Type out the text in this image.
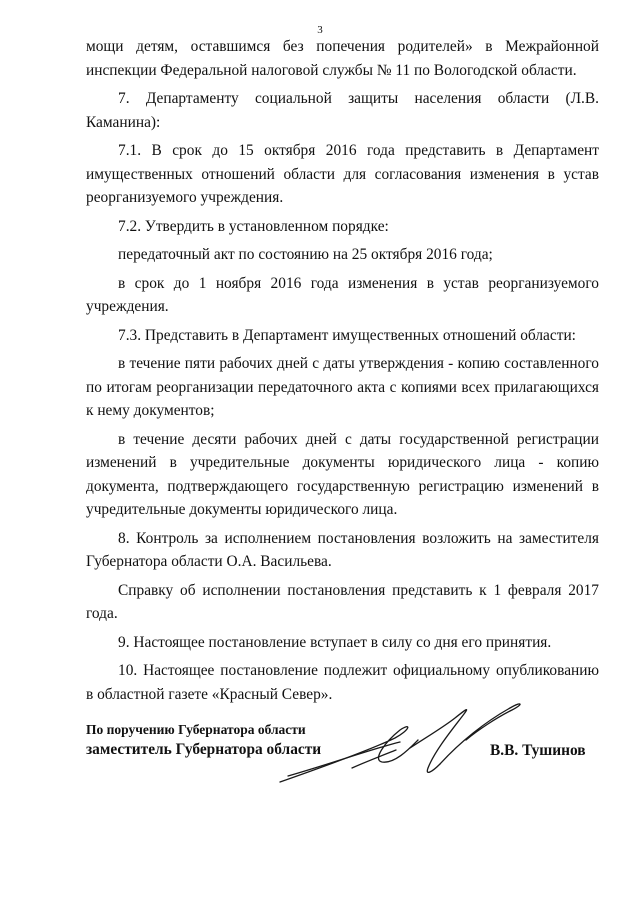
3

мощи детям, оставшимся без попечения родителей» в Межрайонной инспекции Федеральной налоговой службы № 11 по Вологодской области.

7. Департаменту социальной защиты населения области (Л.В. Каманина):

7.1. В срок до 15 октября 2016 года представить в Департамент имущественных отношений области для согласования изменения в устав реорганизуемого учреждения.

7.2. Утвердить в установленном порядке:

передаточный акт по состоянию на 25 октября 2016 года;

в срок до 1 ноября 2016 года изменения в устав реорганизуемого учреждения.

7.3. Представить в Департамент имущественных отношений области:

в течение пяти рабочих дней с даты утверждения - копию составленного по итогам реорганизации передаточного акта с копиями всех прилагающихся к нему документов;

в течение десяти рабочих дней с даты государственной регистрации изменений в учредительные документы юридического лица - копию документа, подтверждающего государственную регистрацию изменений в учредительные документы юридического лица.

8. Контроль за исполнением постановления возложить на заместителя Губернатора области О.А. Васильева.

Справку об исполнении постановления представить к 1 февраля 2017 года.

9. Настоящее постановление вступает в силу со дня его принятия.

10. Настоящее постановление подлежит официальному опубликованию в областной газете «Красный Север».

По поручению Губернатора области
заместитель Губернатора области	В.В. Тушинов
